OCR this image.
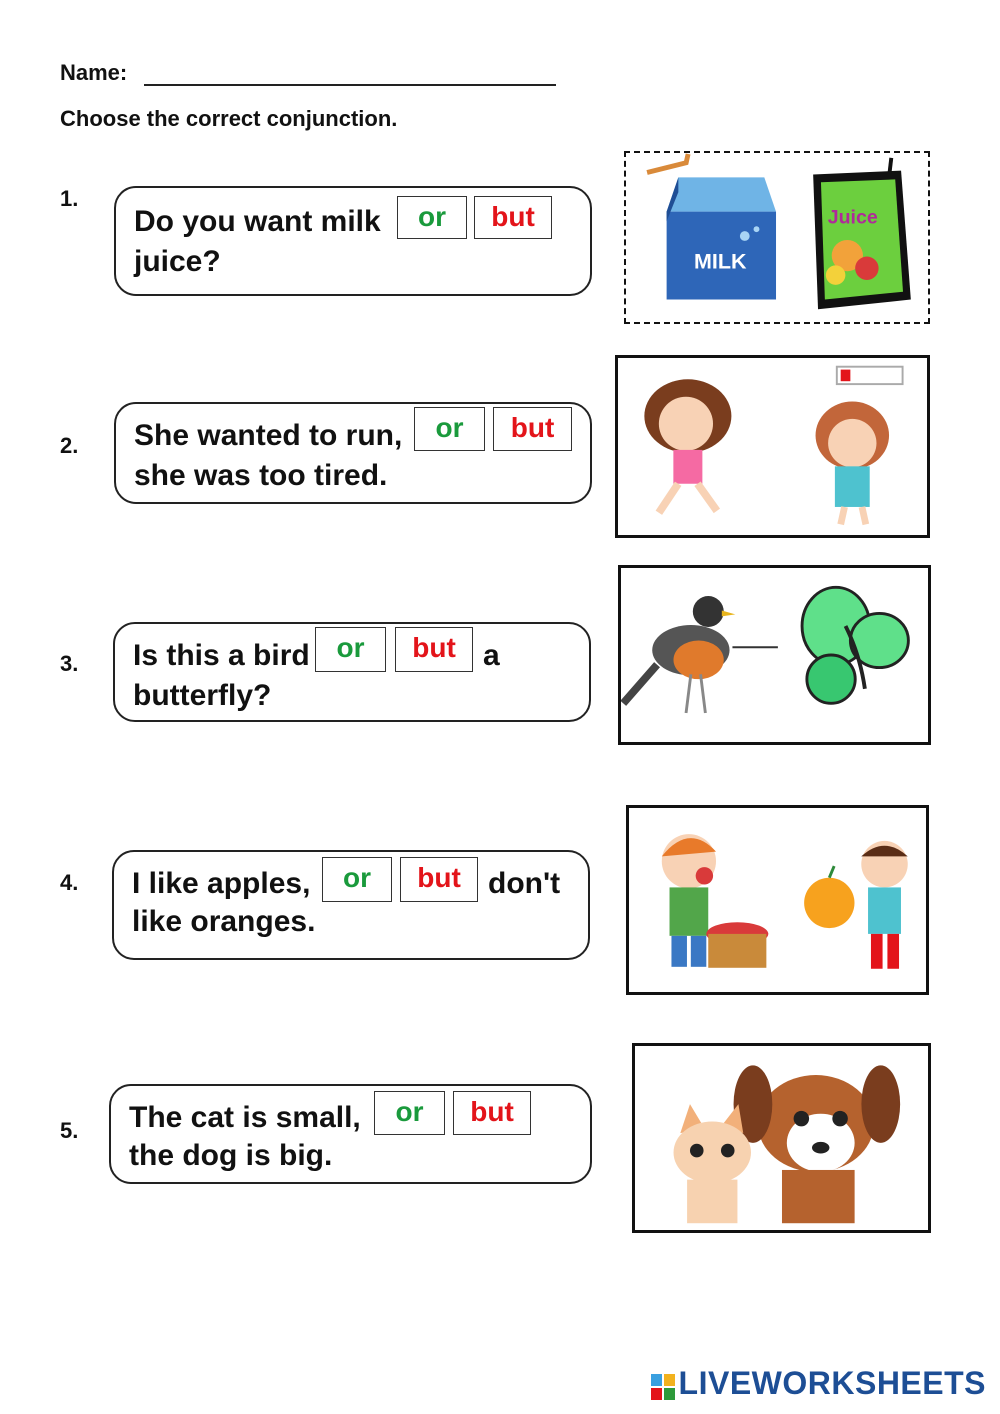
Name:
Choose the correct conjunction.
1.
Do you want milk
juice?
or	but
MILK
Juice
2. She wanted to run,
she was too tired.
or	but
3. Is this a bird	a
butterfly?
or	but
4. I like apples,	don't
like oranges.
or	but
5. The cat is small,
the dog is big.
or	but
LIVEWORKSHEETS
